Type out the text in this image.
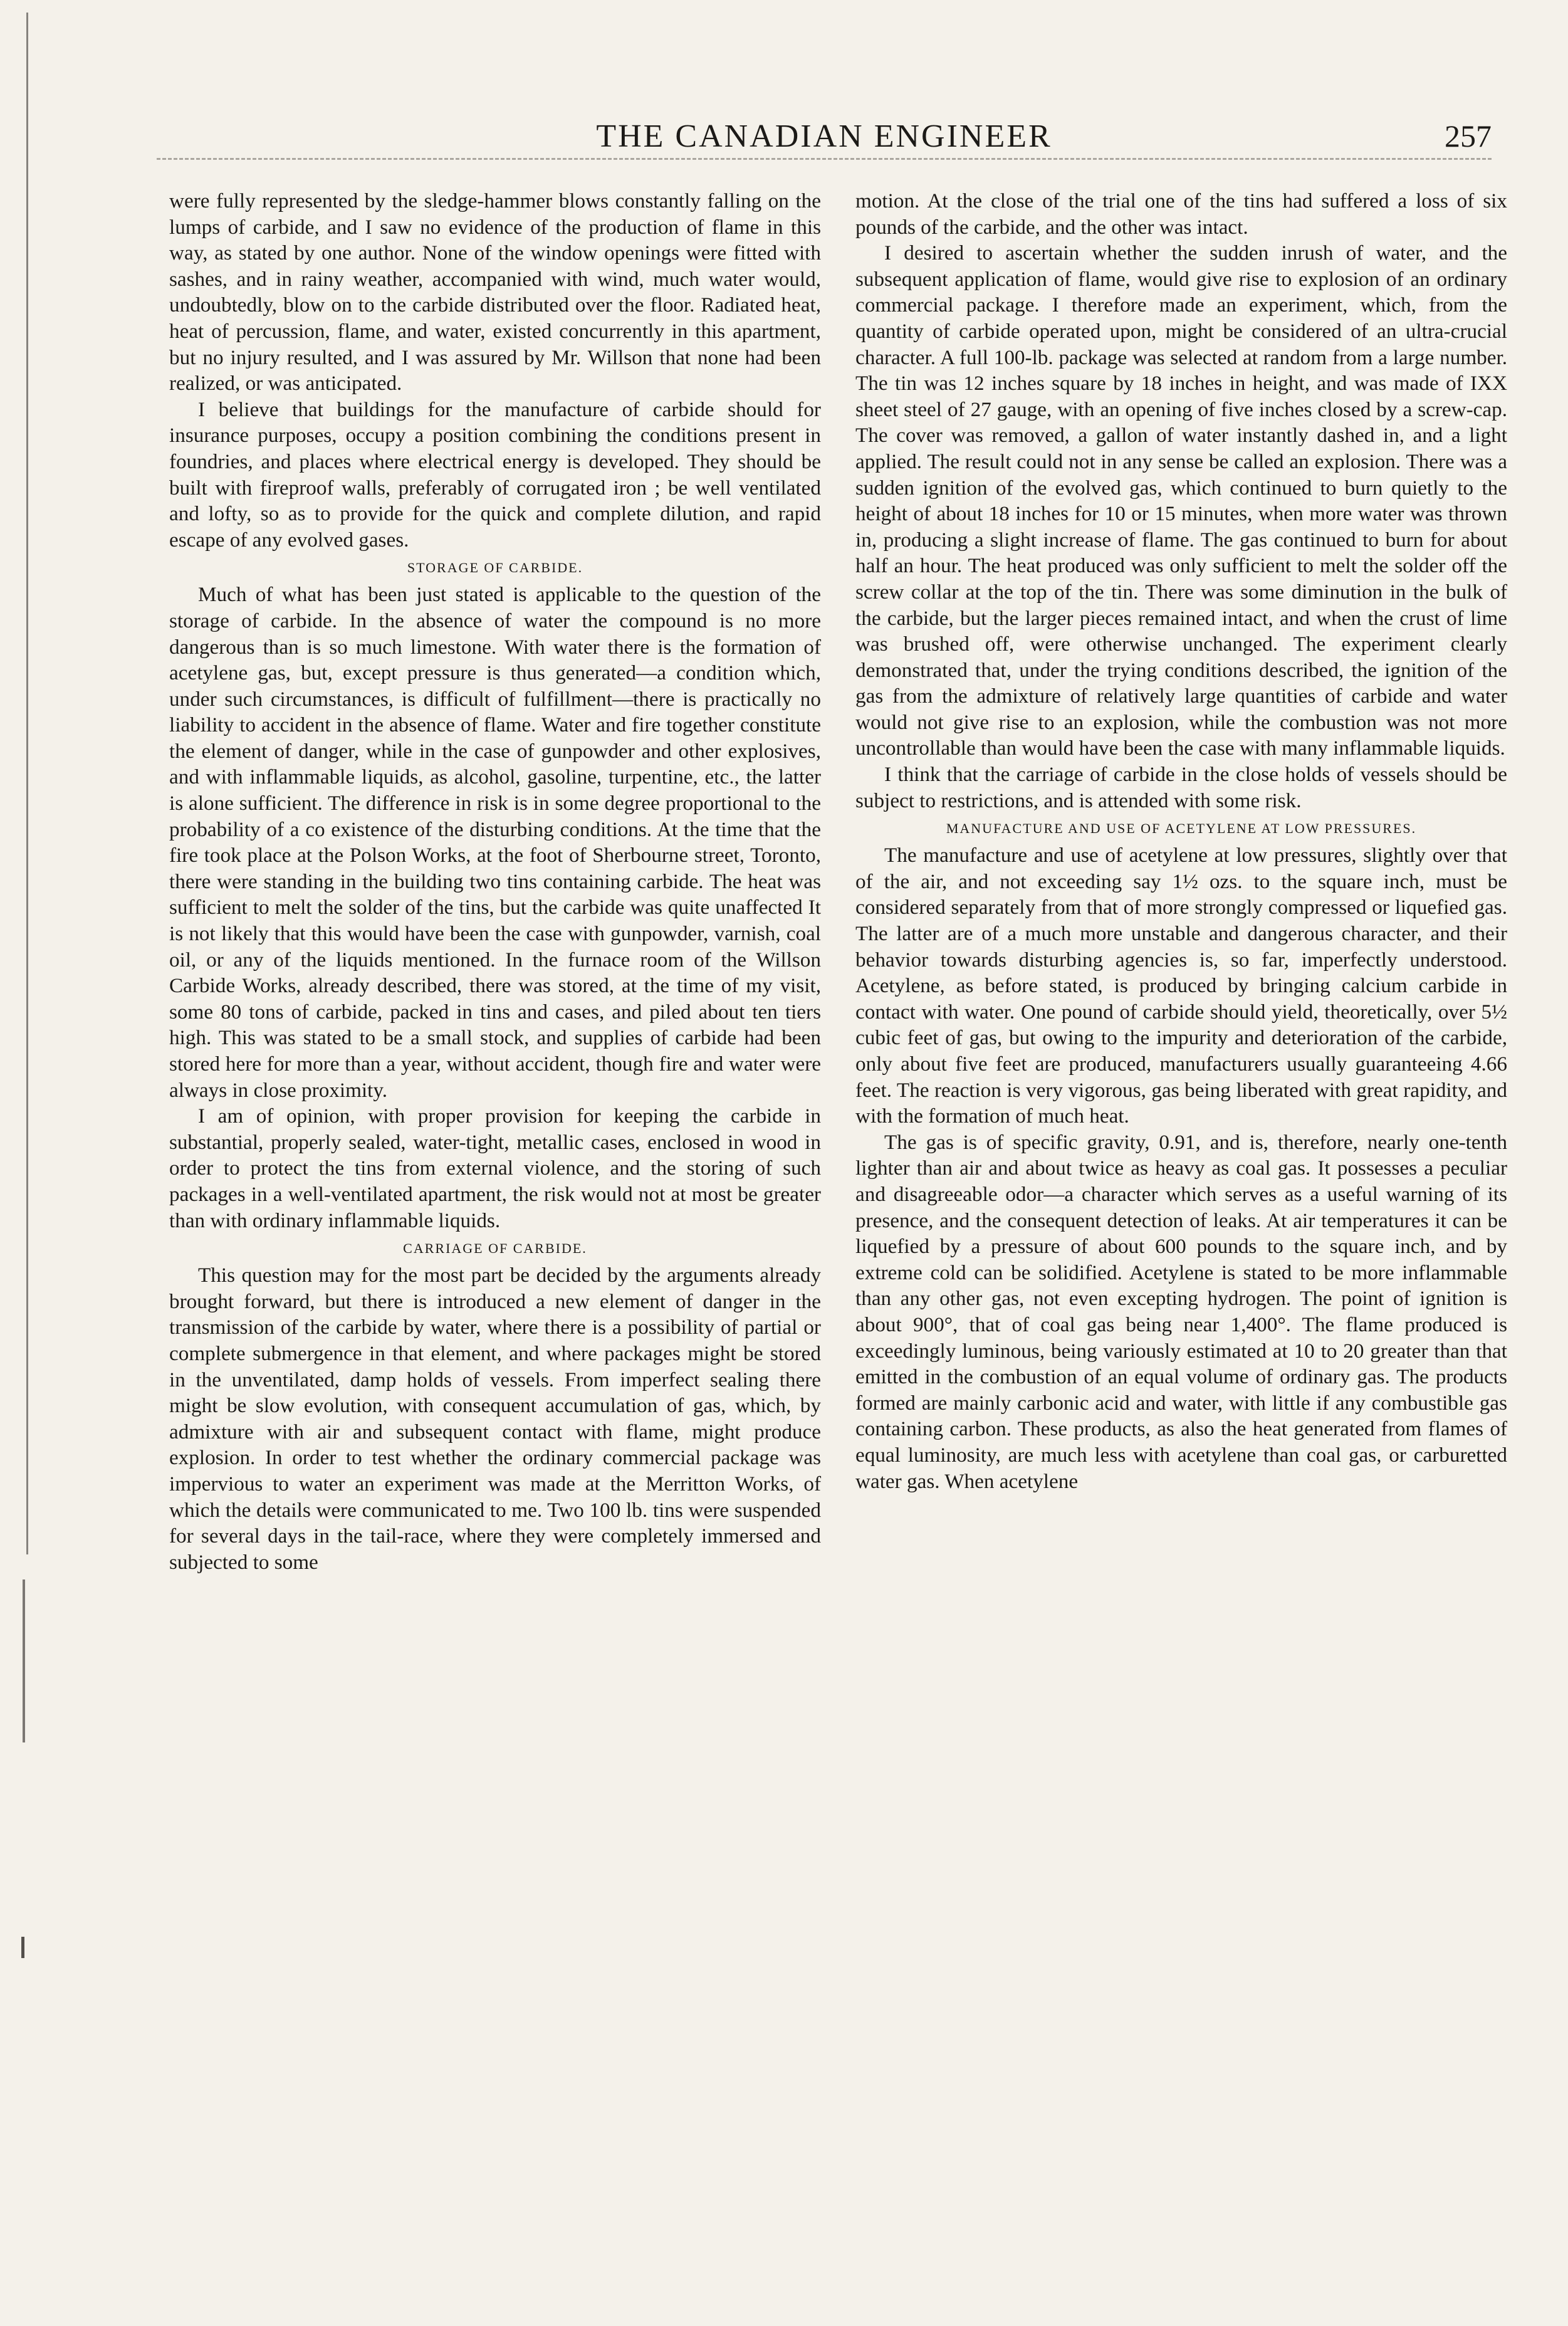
THE CANADIAN ENGINEER	257

were fully represented by the sledge-hammer blows constantly falling on the lumps of carbide, and I saw no evidence of the production of flame in this way, as stated by one author. None of the window openings were fitted with sashes, and in rainy weather, accompanied with wind, much water would, undoubtedly, blow on to the carbide distributed over the floor. Radiated heat, heat of percussion, flame, and water, existed concurrently in this apartment, but no injury resulted, and I was assured by Mr. Willson that none had been realized, or was anticipated.

I believe that buildings for the manufacture of carbide should for insurance purposes, occupy a position combining the conditions present in foundries, and places where electrical energy is developed. They should be built with fireproof walls, preferably of corrugated iron ; be well ventilated and lofty, so as to provide for the quick and complete dilution, and rapid escape of any evolved gases.

STORAGE OF CARBIDE.

Much of what has been just stated is applicable to the question of the storage of carbide. In the absence of water the compound is no more dangerous than is so much limestone. With water there is the formation of acetylene gas, but, except pressure is thus generated—a condition which, under such circumstances, is difficult of fulfillment—there is practically no liability to accident in the absence of flame. Water and fire together constitute the element of danger, while in the case of gunpowder and other explosives, and with inflammable liquids, as alcohol, gasoline, turpentine, etc., the latter is alone sufficient. The difference in risk is in some degree proportional to the probability of a co existence of the disturbing conditions. At the time that the fire took place at the Polson Works, at the foot of Sherbourne street, Toronto, there were standing in the building two tins containing carbide. The heat was sufficient to melt the solder of the tins, but the carbide was quite unaffected It is not likely that this would have been the case with gunpowder, varnish, coal oil, or any of the liquids mentioned. In the furnace room of the Willson Carbide Works, already described, there was stored, at the time of my visit, some 80 tons of carbide, packed in tins and cases, and piled about ten tiers high. This was stated to be a small stock, and supplies of carbide had been stored here for more than a year, without accident, though fire and water were always in close proximity.

I am of opinion, with proper provision for keeping the carbide in substantial, properly sealed, water-tight, metallic cases, enclosed in wood in order to protect the tins from external violence, and the storing of such packages in a well-ventilated apartment, the risk would not at most be greater than with ordinary inflammable liquids.

CARRIAGE OF CARBIDE.

This question may for the most part be decided by the arguments already brought forward, but there is introduced a new element of danger in the transmission of the carbide by water, where there is a possibility of partial or complete submergence in that element, and where packages might be stored in the unventilated, damp holds of vessels. From imperfect sealing there might be slow evolution, with consequent accumulation of gas, which, by admixture with air and subsequent contact with flame, might produce explosion. In order to test whether the ordinary commercial package was impervious to water an experiment was made at the Merritton Works, of which the details were communicated to me. Two 100 lb. tins were suspended for several days in the tail-race, where they were completely immersed and subjected to some

motion. At the close of the trial one of the tins had suffered a loss of six pounds of the carbide, and the other was intact.

I desired to ascertain whether the sudden inrush of water, and the subsequent application of flame, would give rise to explosion of an ordinary commercial package. I therefore made an experiment, which, from the quantity of carbide operated upon, might be considered of an ultra-crucial character. A full 100-lb. package was selected at random from a large number. The tin was 12 inches square by 18 inches in height, and was made of IXX sheet steel of 27 gauge, with an opening of five inches closed by a screw-cap. The cover was removed, a gallon of water instantly dashed in, and a light applied. The result could not in any sense be called an explosion. There was a sudden ignition of the evolved gas, which continued to burn quietly to the height of about 18 inches for 10 or 15 minutes, when more water was thrown in, producing a slight increase of flame. The gas continued to burn for about half an hour. The heat produced was only sufficient to melt the solder off the screw collar at the top of the tin. There was some diminution in the bulk of the carbide, but the larger pieces remained intact, and when the crust of lime was brushed off, were otherwise unchanged. The experiment clearly demonstrated that, under the trying conditions described, the ignition of the gas from the admixture of relatively large quantities of carbide and water would not give rise to an explosion, while the combustion was not more uncontrollable than would have been the case with many inflammable liquids.

I think that the carriage of carbide in the close holds of vessels should be subject to restrictions, and is attended with some risk.

MANUFACTURE AND USE OF ACETYLENE AT LOW PRESSURES.

The manufacture and use of acetylene at low pressures, slightly over that of the air, and not exceeding say 1½ ozs. to the square inch, must be considered separately from that of more strongly compressed or liquefied gas. The latter are of a much more unstable and dangerous character, and their behavior towards disturbing agencies is, so far, imperfectly understood. Acetylene, as before stated, is produced by bringing calcium carbide in contact with water. One pound of carbide should yield, theoretically, over 5½ cubic feet of gas, but owing to the impurity and deterioration of the carbide, only about five feet are produced, manufacturers usually guaranteeing 4.66 feet. The reaction is very vigorous, gas being liberated with great rapidity, and with the formation of much heat.

The gas is of specific gravity, 0.91, and is, therefore, nearly one-tenth lighter than air and about twice as heavy as coal gas. It possesses a peculiar and disagreeable odor—a character which serves as a useful warning of its presence, and the consequent detection of leaks. At air temperatures it can be liquefied by a pressure of about 600 pounds to the square inch, and by extreme cold can be solidified. Acetylene is stated to be more inflammable than any other gas, not even excepting hydrogen. The point of ignition is about 900°, that of coal gas being near 1,400°. The flame produced is exceedingly luminous, being variously estimated at 10 to 20 greater than that emitted in the combustion of an equal volume of ordinary gas. The products formed are mainly carbonic acid and water, with little if any combustible gas containing carbon. These products, as also the heat generated from flames of equal luminosity, are much less with acetylene than coal gas, or carburetted water gas. When acetylene
